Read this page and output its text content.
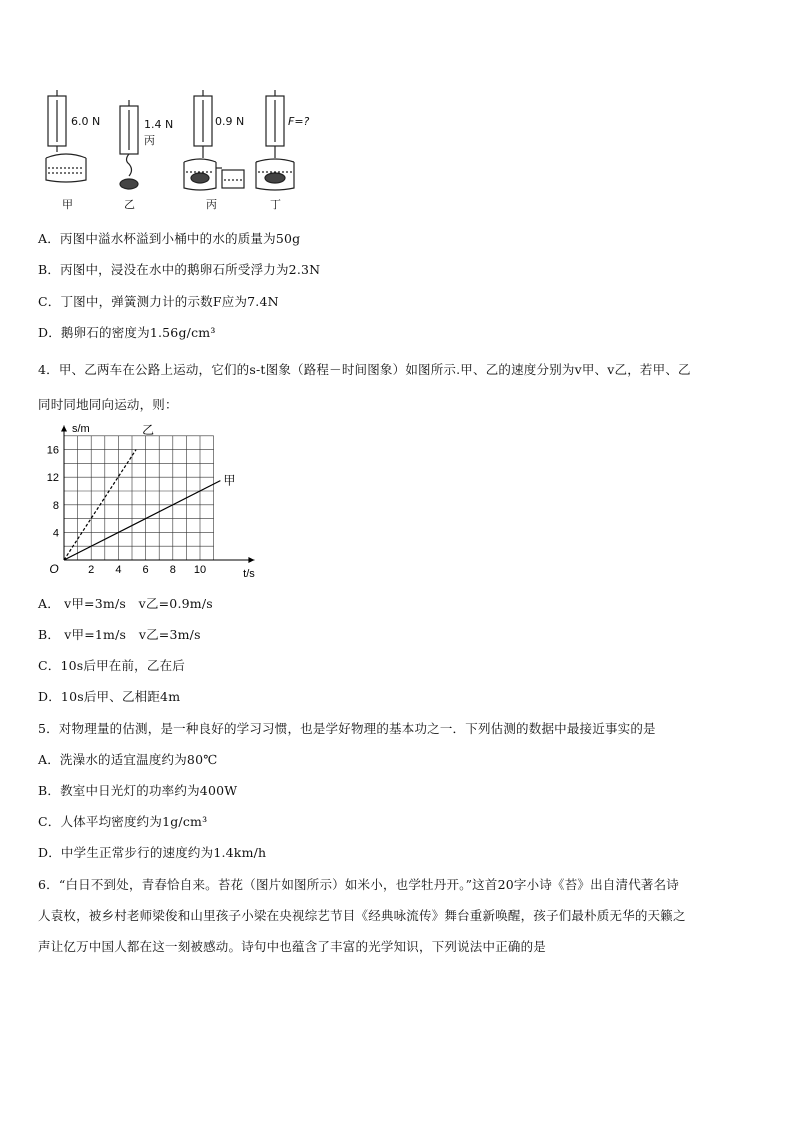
6.0 N	1.4 N
丙
0.9 N	F=?
甲	乙	丙	丁
A．丙图中溢水杯溢到小桶中的水的质量为50g
B．丙图中，浸没在水中的鹅卵石所受浮力为2.3N
C．丁图中，弹簧测力计的示数F应为7.4N
D．鹅卵石的密度为1.56g/cm³
4．甲、乙两车在公路上运动，它们的s-t图象（路程－时间图象）如图所示.甲、乙的速度分别为v甲、v乙，若甲、乙
同时同地同向运动，则：
2 4 6 8 10
4
8
12
16
O	t/s
s/m	乙
甲
A． v甲=3m/s　v乙=0.9m/s
B． v甲=1m/s　v乙=3m/s
C．10s后甲在前，乙在后
D．10s后甲、乙相距4m
5．对物理量的估测，是一种良好的学习习惯，也是学好物理的基本功之一．下列估测的数据中最接近事实的是
A．洗澡水的适宜温度约为80℃
B．教室中日光灯的功率约为400W
C．人体平均密度约为1g/cm³
D．中学生正常步行的速度约为1.4km/h
6．“白日不到处，青春恰自来。苔花（图片如图所示）如米小，也学牡丹开。”这首20字小诗《苔》出自清代著名诗
人袁枚，被乡村老师梁俊和山里孩子小梁在央视综艺节目《经典咏流传》舞台重新唤醒，孩子们最朴质无华的天籁之
声让亿万中国人都在这一刻被感动。诗句中也蕴含了丰富的光学知识，下列说法中正确的是
